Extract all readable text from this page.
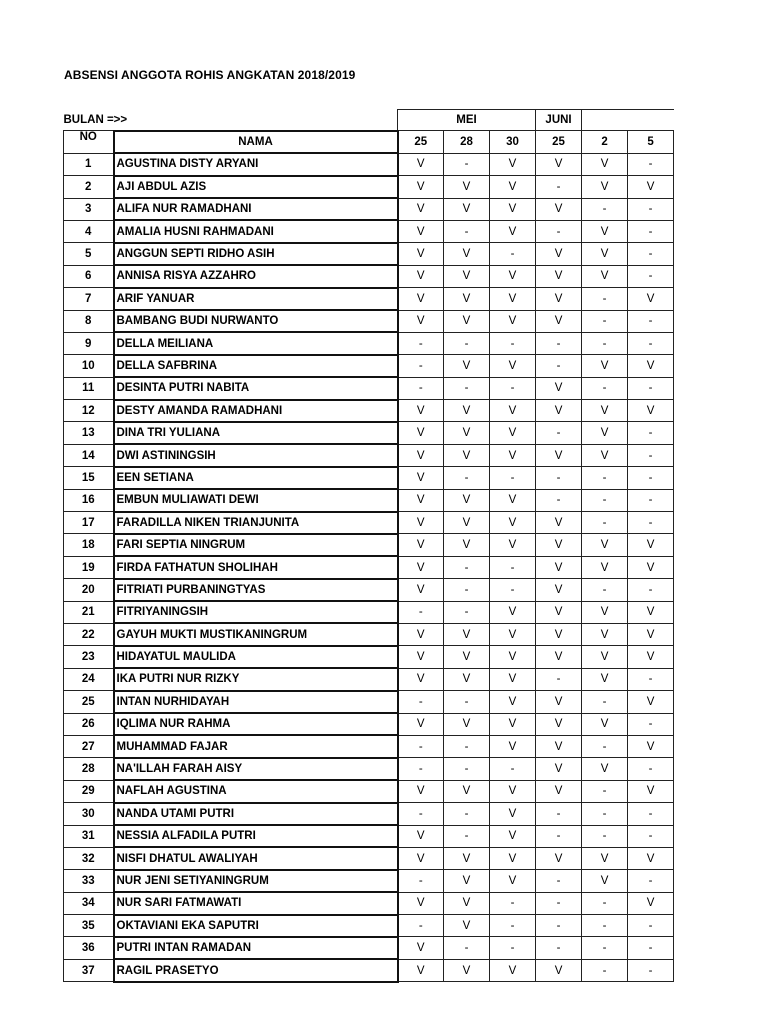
ABSENSI ANGGOTA ROHIS ANGKATAN 2018/2019
BULAN =>>		MEI			JUNI		
NO	NAMA	25	28	30	25	2	5
1	AGUSTINA DISTY ARYANI	V	-	V	V	V	-
2	AJI ABDUL AZIS	V	V	V	-	V	V
3	ALIFA NUR RAMADHANI	V	V	V	V	-	-
4	AMALIA HUSNI RAHMADANI	V	-	V	-	V	-
5	ANGGUN SEPTI RIDHO ASIH	V	V	-	V	V	-
6	ANNISA RISYA AZZAHRO	V	V	V	V	V	-
7	ARIF YANUAR	V	V	V	V	-	V
8	BAMBANG BUDI NURWANTO	V	V	V	V	-	-
9	DELLA MEILIANA	-	-	-	-	-	-
10	DELLA SAFBRINA	-	V	V	-	V	V
11	DESINTA PUTRI NABITA	-	-	-	V	-	-
12	DESTY AMANDA RAMADHANI	V	V	V	V	V	V
13	DINA TRI YULIANA	V	V	V	-	V	-
14	DWI ASTININGSIH	V	V	V	V	V	-
15	EEN SETIANA	V	-	-	-	-	-
16	EMBUN MULIAWATI DEWI	V	V	V	-	-	-
17	FARADILLA NIKEN TRIANJUNITA	V	V	V	V	-	-
18	FARI SEPTIA NINGRUM	V	V	V	V	V	V
19	FIRDA FATHATUN SHOLIHAH	V	-	-	V	V	V
20	FITRIATI PURBANINGTYAS	V	-	-	V	-	-
21	FITRIYANINGSIH	-	-	V	V	V	V
22	GAYUH MUKTI MUSTIKANINGRUM	V	V	V	V	V	V
23	HIDAYATUL MAULIDA	V	V	V	V	V	V
24	IKA PUTRI NUR RIZKY	V	V	V	-	V	-
25	INTAN NURHIDAYAH	-	-	V	V	-	V
26	IQLIMA NUR RAHMA	V	V	V	V	V	-
27	MUHAMMAD FAJAR	-	-	V	V	-	V
28	NA'ILLAH FARAH AISY	-	-	-	V	V	-
29	NAFLAH AGUSTINA	V	V	V	V	-	V
30	NANDA UTAMI PUTRI	-	-	V	-	-	-
31	NESSIA ALFADILA PUTRI	V	-	V	-	-	-
32	NISFI DHATUL AWALIYAH	V	V	V	V	V	V
33	NUR JENI SETIYANINGRUM	-	V	V	-	V	-
34	NUR SARI FATMAWATI	V	V	-	-	-	V
35	OKTAVIANI EKA SAPUTRI	-	V	-	-	-	-
36	PUTRI INTAN RAMADAN	V	-	-	-	-	-
37	RAGIL PRASETYO	V	V	V	V	-	-
